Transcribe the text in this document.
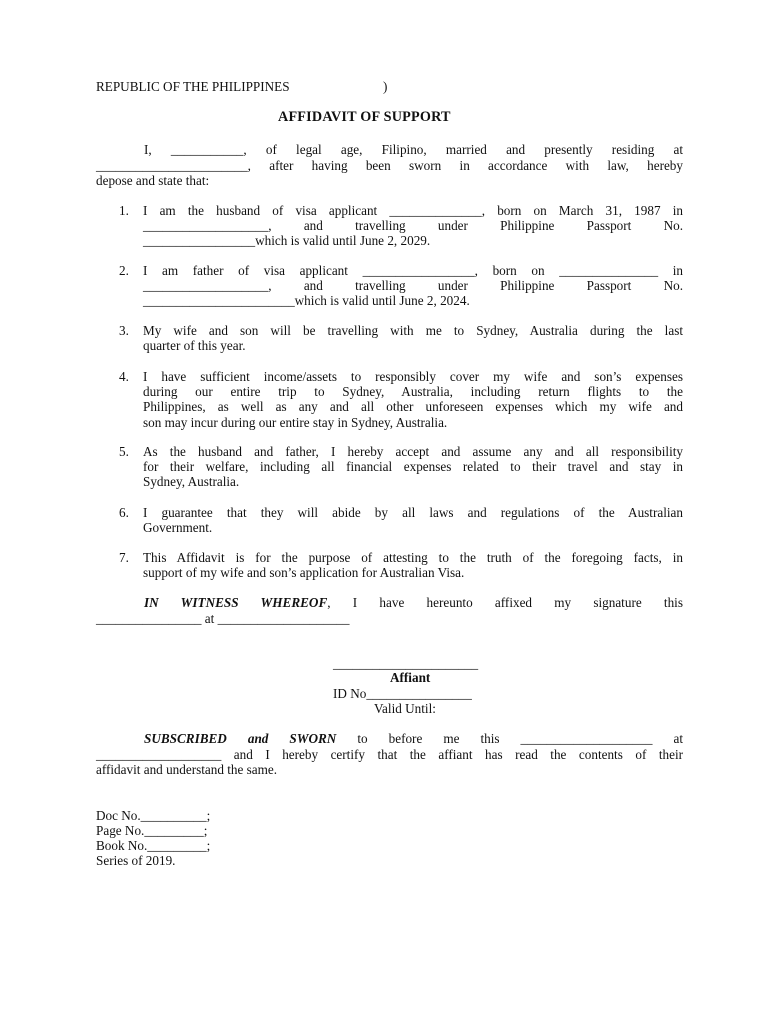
REPUBLIC OF THE PHILIPPINES	)
AFFIDAVIT OF SUPPORT
I, ___________, of legal age, Filipino, married and presently residing at
_______________________, after having been sworn in accordance with law, hereby
depose and state that:
1. I am the husband of visa applicant ______________, born on March 31, 1987 in
___________________, and travelling under Philippine Passport No.
_________________which is valid until June 2, 2029.
2. I am father of visa applicant _________________, born on _______________ in
___________________, and travelling under Philippine Passport No.
_______________________which is valid until June 2, 2024.
3. My wife and son will be travelling with me to Sydney, Australia during the last
quarter of this year.
4. I have sufficient income/assets to responsibly cover my wife and son’s expenses
during our entire trip to Sydney, Australia, including return flights to the
Philippines, as well as any and all other unforeseen expenses which my wife and
son may incur during our entire stay in Sydney, Australia.
5. As the husband and father, I hereby accept and assume any and all responsibility
for their welfare, including all financial expenses related to their travel and stay in
Sydney, Australia.
6. I guarantee that they will abide by all laws and regulations of the Australian
Government.
7. This Affidavit is for the purpose of attesting to the truth of the foregoing facts, in
support of my wife and son’s application for Australian Visa.
IN WITNESS WHEREOF, I have hereunto affixed my signature this
________________ at ____________________
______________________
Affiant
ID No________________
Valid Until:
SUBSCRIBED and SWORN to before me this ____________________ at
___________________ and I hereby certify that the affiant has read the contents of their
affidavit and understand the same.
Doc No.__________;
Page No._________;
Book No._________;
Series of 2019.
